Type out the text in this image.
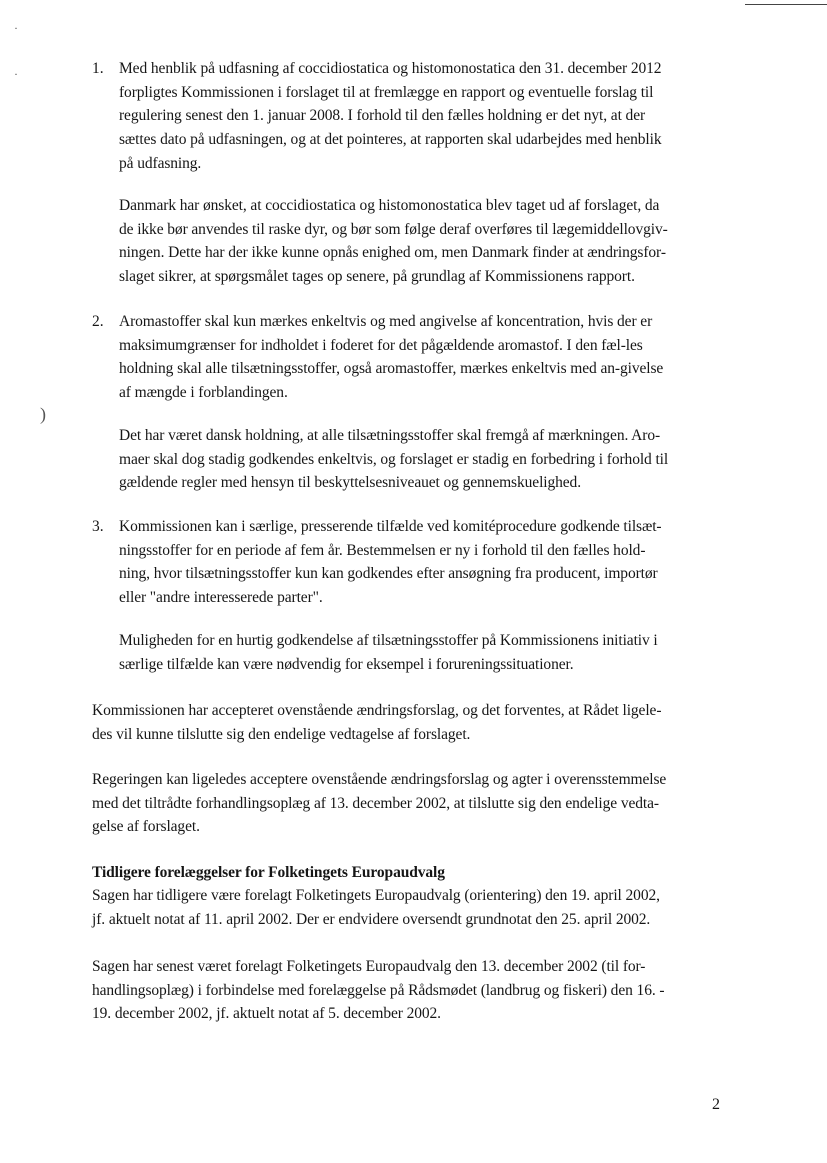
·
·
)
1. Med henblik på udfasning af coccidiostatica og histomonostatica den 31. december 2012
forpligtes Kommissionen i forslaget til at fremlægge en rapport og eventuelle forslag til
regulering senest den 1. januar 2008. I forhold til den fælles holdning er det nyt, at der
sættes dato på udfasningen, og at det pointeres, at rapporten skal udarbejdes med henblik
på udfasning.

Danmark har ønsket, at coccidiostatica og histomonostatica blev taget ud af forslaget, da
de ikke bør anvendes til raske dyr, og bør som følge deraf overføres til lægemiddellovgiv-
ningen. Dette har der ikke kunne opnås enighed om, men Danmark finder at ændringsfor-
slaget sikrer, at spørgsmålet tages op senere, på grundlag af Kommissionens rapport.

2. Aromastoffer skal kun mærkes enkeltvis og med angivelse af koncentration, hvis der er
maksimumgrænser for indholdet i foderet for det pågældende aromastof. I den fæl-les
holdning skal alle tilsætningsstoffer, også aromastoffer, mærkes enkeltvis med an-givelse
af mængde i forblandingen.

Det har været dansk holdning, at alle tilsætningsstoffer skal fremgå af mærkningen. Aro-
maer skal dog stadig godkendes enkeltvis, og forslaget er stadig en forbedring i forhold til
gældende regler med hensyn til beskyttelsesniveauet og gennemskuelighed.

3. Kommissionen kan i særlige, presserende tilfælde ved komitéprocedure godkende tilsæt-
ningsstoffer for en periode af fem år. Bestemmelsen er ny i forhold til den fælles hold-
ning, hvor tilsætningsstoffer kun kan godkendes efter ansøgning fra producent, importør
eller "andre interesserede parter".

Muligheden for en hurtig godkendelse af tilsætningsstoffer på Kommissionens initiativ i
særlige tilfælde kan være nødvendig for eksempel i forureningssituationer.

Kommissionen har accepteret ovenstående ændringsforslag, og det forventes, at Rådet ligele-
des vil kunne tilslutte sig den endelige vedtagelse af forslaget.

Regeringen kan ligeledes acceptere ovenstående ændringsforslag og agter i overensstemmelse
med det tiltrådte forhandlingsoplæg af 13. december 2002, at tilslutte sig den endelige vedta-
gelse af forslaget.

Tidligere forelæggelser for Folketingets Europaudvalg

Sagen har tidligere være forelagt Folketingets Europaudvalg (orientering) den 19. april 2002,
jf. aktuelt notat af 11. april 2002. Der er endvidere oversendt grundnotat den 25. april 2002.

Sagen har senest været forelagt Folketingets Europaudvalg den 13. december 2002 (til for-
handlingsoplæg) i forbindelse med forelæggelse på Rådsmødet (landbrug og fiskeri) den 16. -
19. december 2002, jf. aktuelt notat af 5. december 2002.

2
